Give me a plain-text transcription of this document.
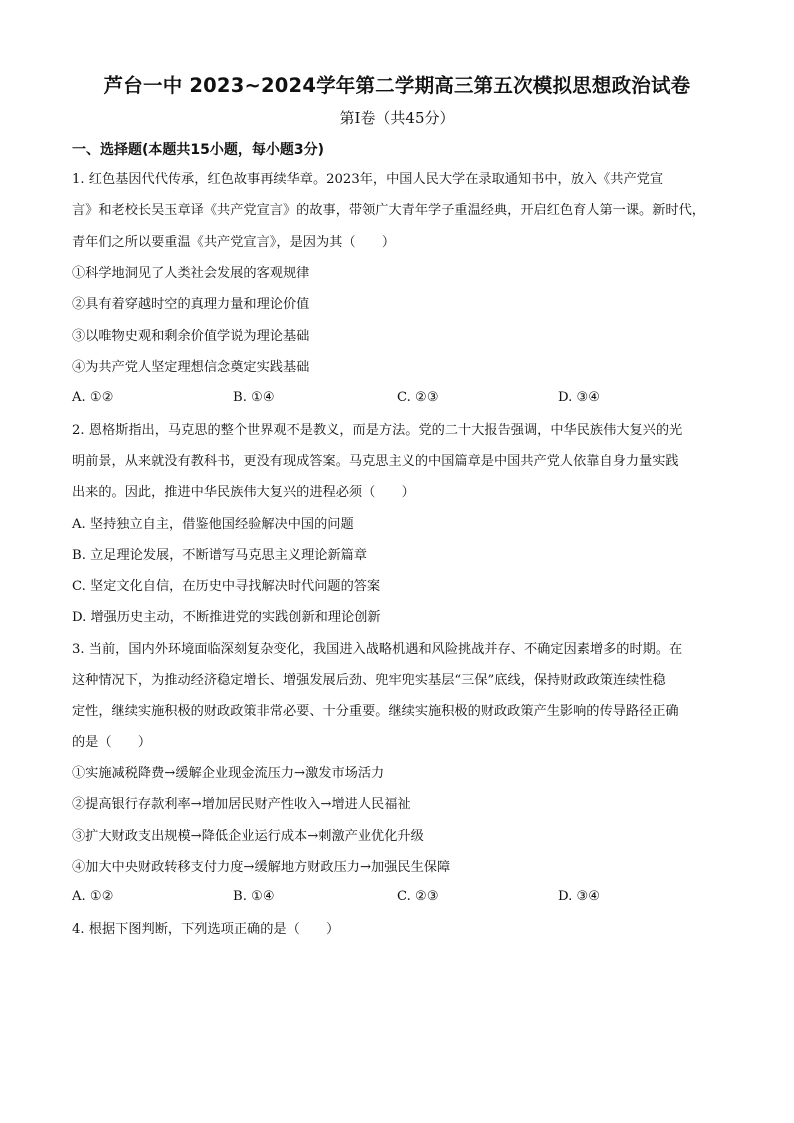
芦台一中 2023~2024学年第二学期高三第五次模拟思想政治试卷
第Ⅰ卷（共45分）
一、选择题(本题共15小题，每小题3分)
1. 红色基因代代传承，红色故事再续华章。2023年，中国人民大学在录取通知书中，放入《共产党宣
言》和老校长吴玉章译《共产党宣言》的故事，带领广大青年学子重温经典，开启红色育人第一课。新时代，
青年们之所以要重温《共产党宣言》，是因为其（　　）
①科学地洞见了人类社会发展的客观规律
②具有着穿越时空的真理力量和理论价值
③以唯物史观和剩余价值学说为理论基础
④为共产党人坚定理想信念奠定实践基础
A. ①②	B. ①④	C. ②③	D. ③④
2. 恩格斯指出，马克思的整个世界观不是教义，而是方法。党的二十大报告强调，中华民族伟大复兴的光
明前景，从来就没有教科书，更没有现成答案。马克思主义的中国篇章是中国共产党人依靠自身力量实践
出来的。因此，推进中华民族伟大复兴的进程必须（　　）
A. 坚持独立自主，借鉴他国经验解决中国的问题
B. 立足理论发展，不断谱写马克思主义理论新篇章
C. 坚定文化自信，在历史中寻找解决时代问题的答案
D. 增强历史主动，不断推进党的实践创新和理论创新
3. 当前，国内外环境面临深刻复杂变化，我国进入战略机遇和风险挑战并存、不确定因素增多的时期。在
这种情况下，为推动经济稳定增长、增强发展后劲、兜牢兜实基层“三保”底线，保持财政政策连续性稳
定性，继续实施积极的财政政策非常必要、十分重要。继续实施积极的财政政策产生影响的传导路径正确
的是（　　）
①实施减税降费→缓解企业现金流压力→激发市场活力
②提高银行存款利率→增加居民财产性收入→增进人民福祉
③扩大财政支出规模→降低企业运行成本→刺激产业优化升级
④加大中央财政转移支付力度→缓解地方财政压力→加强民生保障
A. ①②	B. ①④	C. ②③	D. ③④
4. 根据下图判断，下列选项正确的是（　　）
